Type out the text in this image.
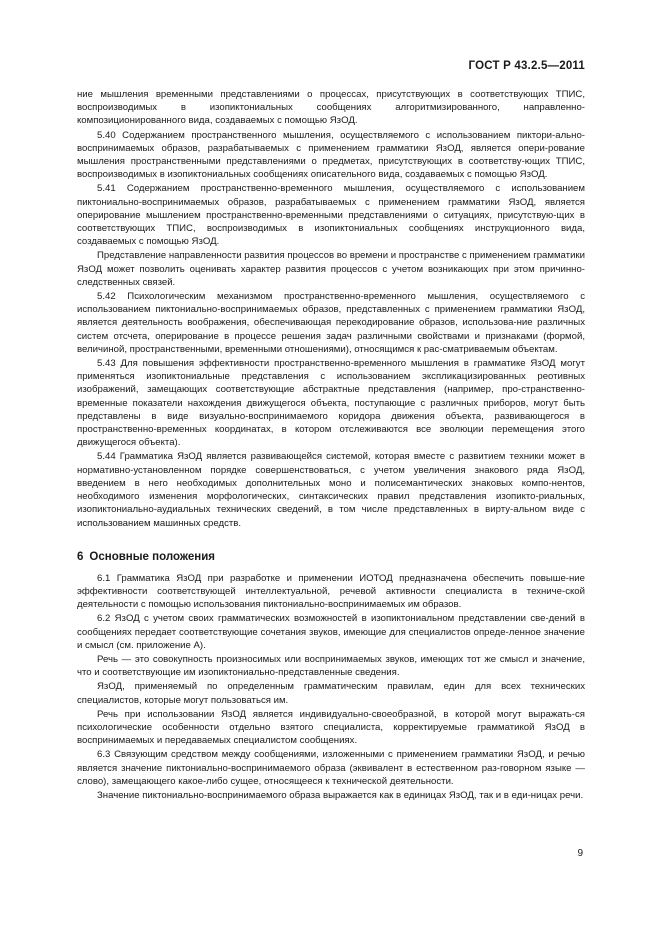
ГОСТ Р 43.2.5—2011

ние мышления временными представлениями о процессах, присутствующих в соответствующих ТПИС, воспроизводимых в изопиктониальных сообщениях алгоритмизированного, направленно-композиционированного вида, создаваемых с помощью ЯзОД.

5.40 Содержанием пространственного мышления, осуществляемого с использованием пиктори-ально-воспринимаемых образов, разрабатываемых с применением грамматики ЯзОД, является опери-рование мышления пространственными представлениями о предметах, присутствующих в соответству-ющих ТПИС, воспроизводимых в изопиктониальных сообщениях описательного вида, создаваемых с помощью ЯзОД.

5.41 Содержанием пространственно-временного мышления, осуществляемого с использованием пиктониально-воспринимаемых образов, разрабатываемых с применением грамматики ЯзОД, является оперирование мышлением пространственно-временными представлениями о ситуациях, присутствую-щих в соответствующих ТПИС, воспроизводимых в изопиктониальных сообщениях инструкционного вида, создаваемых с помощью ЯзОД.

Представление направленности развития процессов во времени и пространстве с применением грамматики ЯзОД может позволить оценивать характер развития процессов с учетом возникающих при этом причинно-следственных связей.

5.42 Психологическим механизмом пространственно-временного мышления, осуществляемого с использованием пиктониально-воспринимаемых образов, представленных с применением грамматики ЯзОД, является деятельность воображения, обеспечивающая перекодирование образов, использова-ние различных систем отсчета, оперирование в процессе решения задач различными свойствами и признаками (формой, величиной, пространственными, временными отношениями), относящимся к рас-сматриваемым объектам.

5.43 Для повышения эффективности пространственно-временного мышления в грамматике ЯзОД могут применяться изопиктониальные представления с использованием экспликацизированных реотивных изображений, замещающих соответствующие абстрактные представления (например, про-странственно-временные показатели нахождения движущегося объекта, поступающие с различных приборов, могут быть представлены в виде визуально-воспринимаемого коридора движения объекта, развивающегося в пространственно-временных координатах, в котором отслеживаются все эволюции перемещения этого движущегося объекта).

5.44 Грамматика ЯзОД является развивающейся системой, которая вместе с развитием техники может в нормативно-установленном порядке совершенствоваться, с учетом увеличения знакового ряда ЯзОД, введением в него необходимых дополнительных моно и полисемантических знаковых компо-нентов, необходимого изменения морфологических, синтаксических правил представления изопикто-риальных, изопиктониально-аудиальных технических сведений, в том числе представленных в вирту-альном виде с использованием машинных средств.

6 Основные положения

6.1 Грамматика ЯзОД при разработке и применении ИОТОД предназначена обеспечить повыше-ние эффективности соответствующей интеллектуальной, речевой активности специалиста в техниче-ской деятельности с помощью использования пиктониально-воспринимаемых им образов.

6.2 ЯзОД с учетом своих грамматических возможностей в изопиктониальном представлении све-дений в сообщениях передает соответствующие сочетания звуков, имеющие для специалистов опреде-ленное значение и смысл (см. приложение А).

Речь — это совокупность произносимых или воспринимаемых звуков, имеющих тот же смысл и значение, что и соответствующие им изопиктониально-представленные сведения.

ЯзОД, применяемый по определенным грамматическим правилам, един для всех технических специалистов, которые могут пользоваться им.

Речь при использовании ЯзОД является индивидуально-своеобразной, в которой могут выражать-ся психологические особенности отдельно взятого специалиста, корректируемые грамматикой ЯзОД в воспринимаемых и передаваемых специалистом сообщениях.

6.3 Связующим средством между сообщениями, изложенными с применением грамматики ЯзОД, и речью является значение пиктониально-воспринимаемого образа (эквивалент в естественном раз-говорном языке — слово), замещающего какое-либо сущее, относящееся к технической деятельности.

Значение пиктониально-воспринимаемого образа выражается как в единицах ЯзОД, так и в еди-ницах речи.

9
